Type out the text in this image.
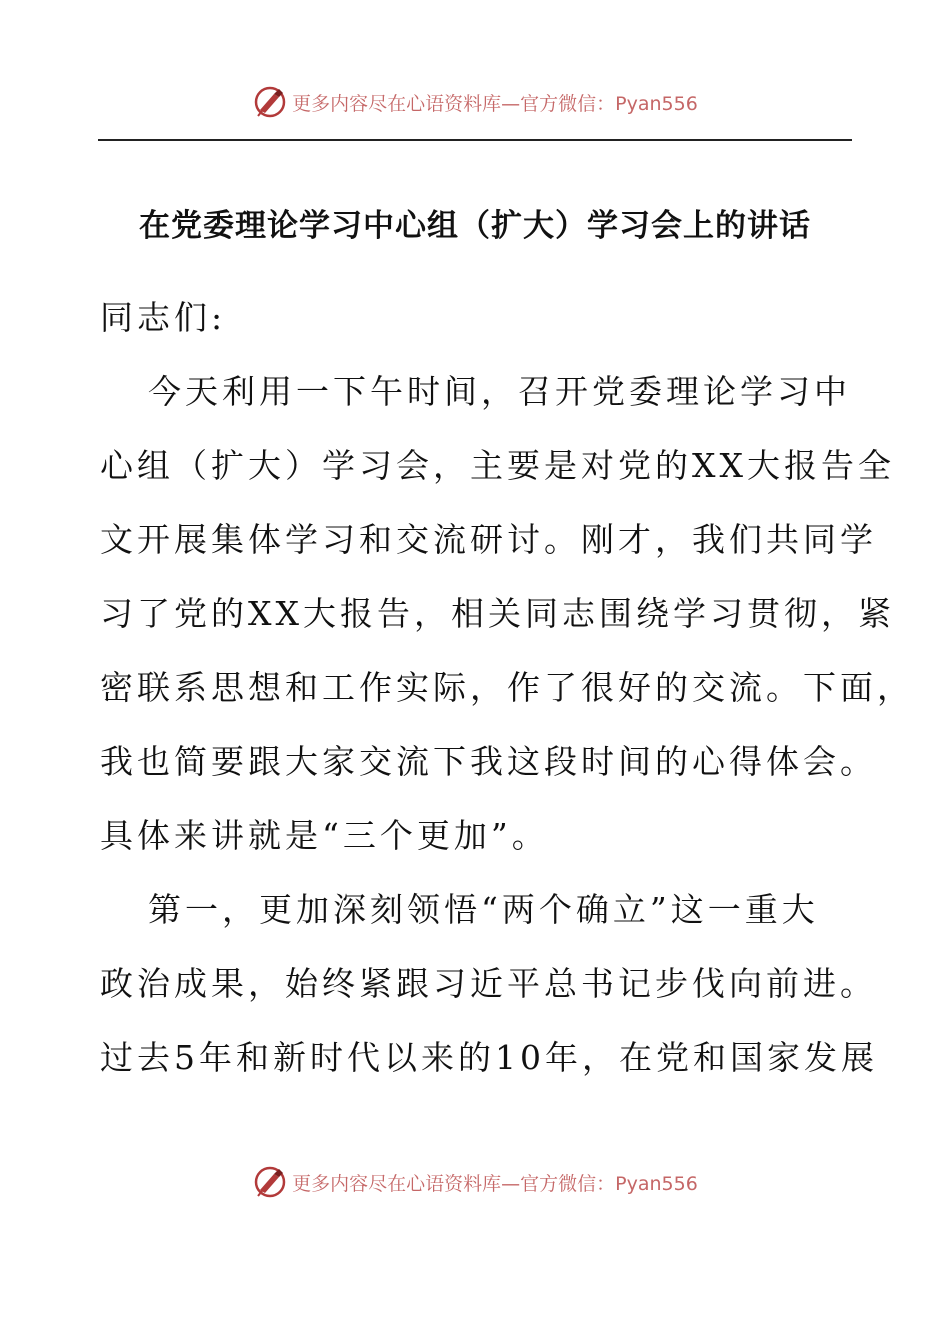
更多内容尽在心语资料库—官方微信：Pyan556
在党委理论学习中心组（扩大）学习会上的讲话
同志们:
今天利用一下午时间，召开党委理论学习中
心组（扩大）学习会，主要是对党的XX大报告全
文开展集体学习和交流研讨。刚才，我们共同学
习了党的XX大报告，相关同志围绕学习贯彻，紧
密联系思想和工作实际，作了很好的交流。下面，
我也简要跟大家交流下我这段时间的心得体会。
具体来讲就是“三个更加”。
第一，更加深刻领悟“两个确立”这一重大
政治成果，始终紧跟习近平总书记步伐向前进。
过去5年和新时代以来的10年，在党和国家发展
更多内容尽在心语资料库—官方微信：Pyan556
